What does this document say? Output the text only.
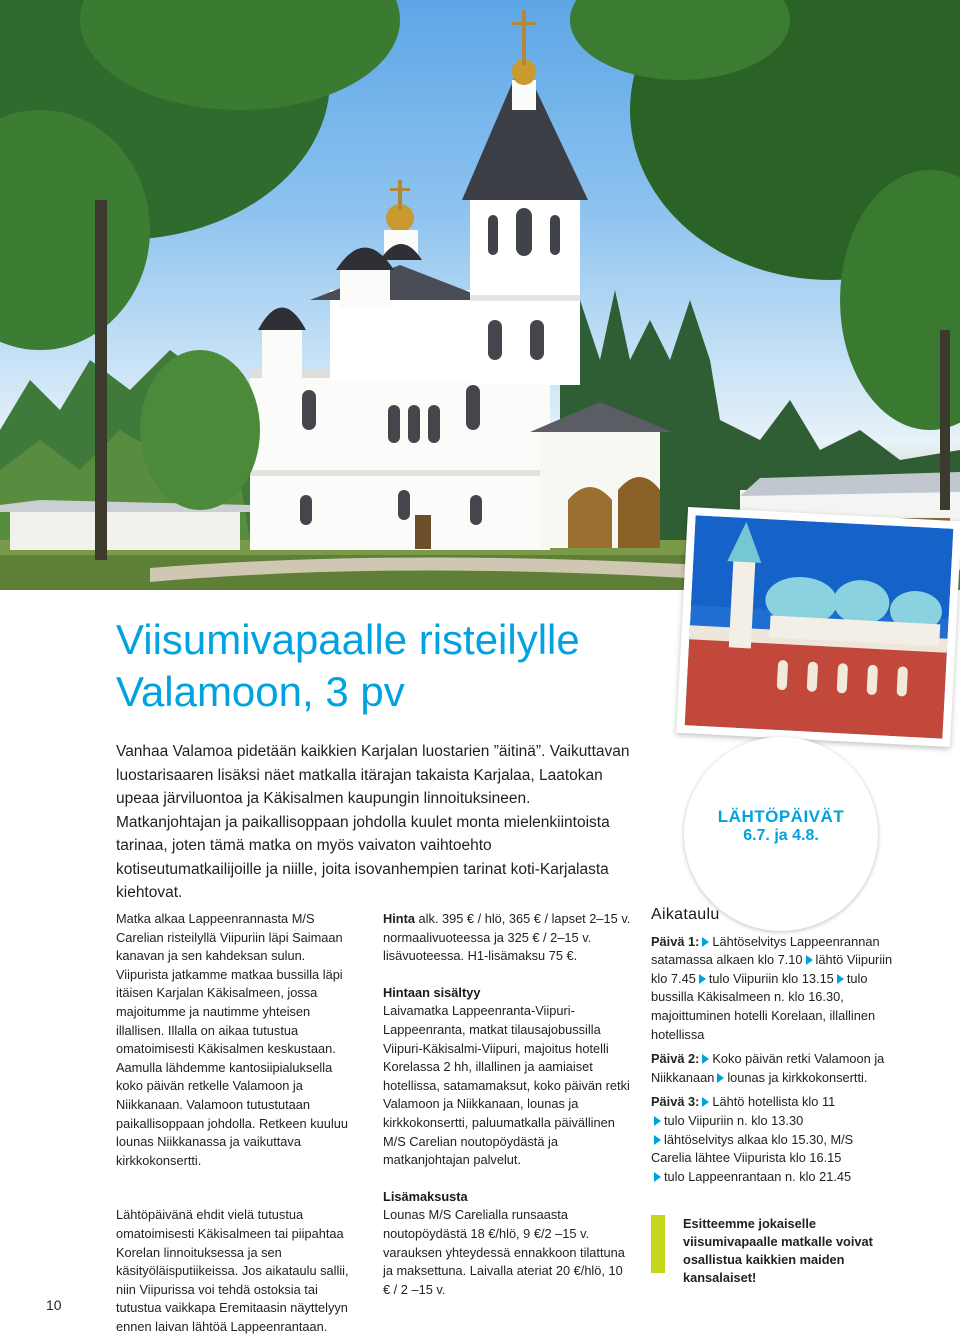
Viisumivapaalle risteilylle
Valamoon, 3 pv
Vanhaa Valamoa pidetään kaikkien Karjalan luostarien ”äitinä”. Vaikuttavan luostarisaaren lisäksi näet matkalla itärajan takaista Karjalaa, Laatokan upeaa järviluontoa ja Käkisalmen kaupungin linnoituksineen. Matkanjohtajan ja paikallisoppaan johdolla kuulet monta mielenkiintoista tarinaa, joten tämä matka on myös vaivaton vaihtoehto kotiseutumatkailijoille ja niille, joita isovanhempien tarinat koti-Karjalasta kiehtovat.
LÄHTÖPÄIVÄT
6.7. ja 4.8.

Matka alkaa Lappeenrannasta M/S Carelian risteilyllä Viipuriin läpi Saimaan kanavan ja sen kahdeksan sulun. Viipurista jatkamme matkaa bussilla läpi itäisen Karjalan Käkisalmeen, jossa majoitumme ja nautimme yhteisen illallisen. Illalla on aikaa tutustua omatoimisesti Käkisalmen keskustaan. Aamulla lähdemme kantosiipialuksella koko päivän retkelle Valamoon ja Niikkanaan. Valamoon tutustutaan paikallisoppaan johdolla. Retkeen kuuluu lounas Niikkanassa ja vaikuttava kirkkokonsertti.

Lähtöpäivänä ehdit vielä tutustua omatoimisesti Käkisalmeen tai piipahtaa Korelan linnoituksessa ja sen käsityöläisputiikeissa. Jos aikataulu sallii, niin Viipurissa voi tehdä ostoksia tai tutustua vaikkapa Eremitaasin näyttelyyn ennen laivan lähtöä Lappeenrantaan.

Hinta alk. 395 € / hlö, 365 € / lapset 2–15 v. normaalivuoteessa ja 325 € / 2–15 v. lisävuoteessa. H1-lisämaksu 75 €.

Hintaan sisältyy

Laivamatka Lappeenranta-Viipuri-Lappeenranta, matkat tilausajobussilla Viipuri-Käkisalmi-Viipuri, majoitus hotelli Korelassa 2 hh, illallinen ja aamiaiset hotellissa, satamamaksut, koko päivän retki Valamoon ja Niikkanaan, lounas ja kirkkokonsertti, paluumatkalla päivällinen M/S Carelian noutopöydästä ja matkanjohtajan palvelut.

Lisämaksusta

Lounas M/S Carelialla runsaasta noutopöydästä 18 €/hlö, 9 €/2 –15 v. varauksen yhteydessä ennakkoon tilattuna ja maksettuna. Laivalla ateriat 20 €/hlö, 10 € / 2 –15 v.

Aikataulu

Päivä 1: Lähtöselvitys Lappeenrannan satamassa alkaen klo 7.10 lähtö Viipuriin klo 7.45 tulo Viipuriin klo 13.15 tulo bussilla Käkisalmeen n. klo 16.30, majoittuminen hotelli Korelaan, illallinen hotellissa

Päivä 2: Koko päivän retki Valamoon ja Niikkanaan lounas ja kirkkokonsertti.

Päivä 3: Lähtö hotellista klo 11
tulo Viipuriin n. klo 13.30
lähtöselvitys alkaa klo 15.30, M/S Carelia lähtee Viipurista klo 16.15
tulo Lappeenrantaan n. klo 21.45

Esitteemme jokaiselle viisumivapaalle matkalle voivat osallistua kaikkien maiden kansalaiset!
10
